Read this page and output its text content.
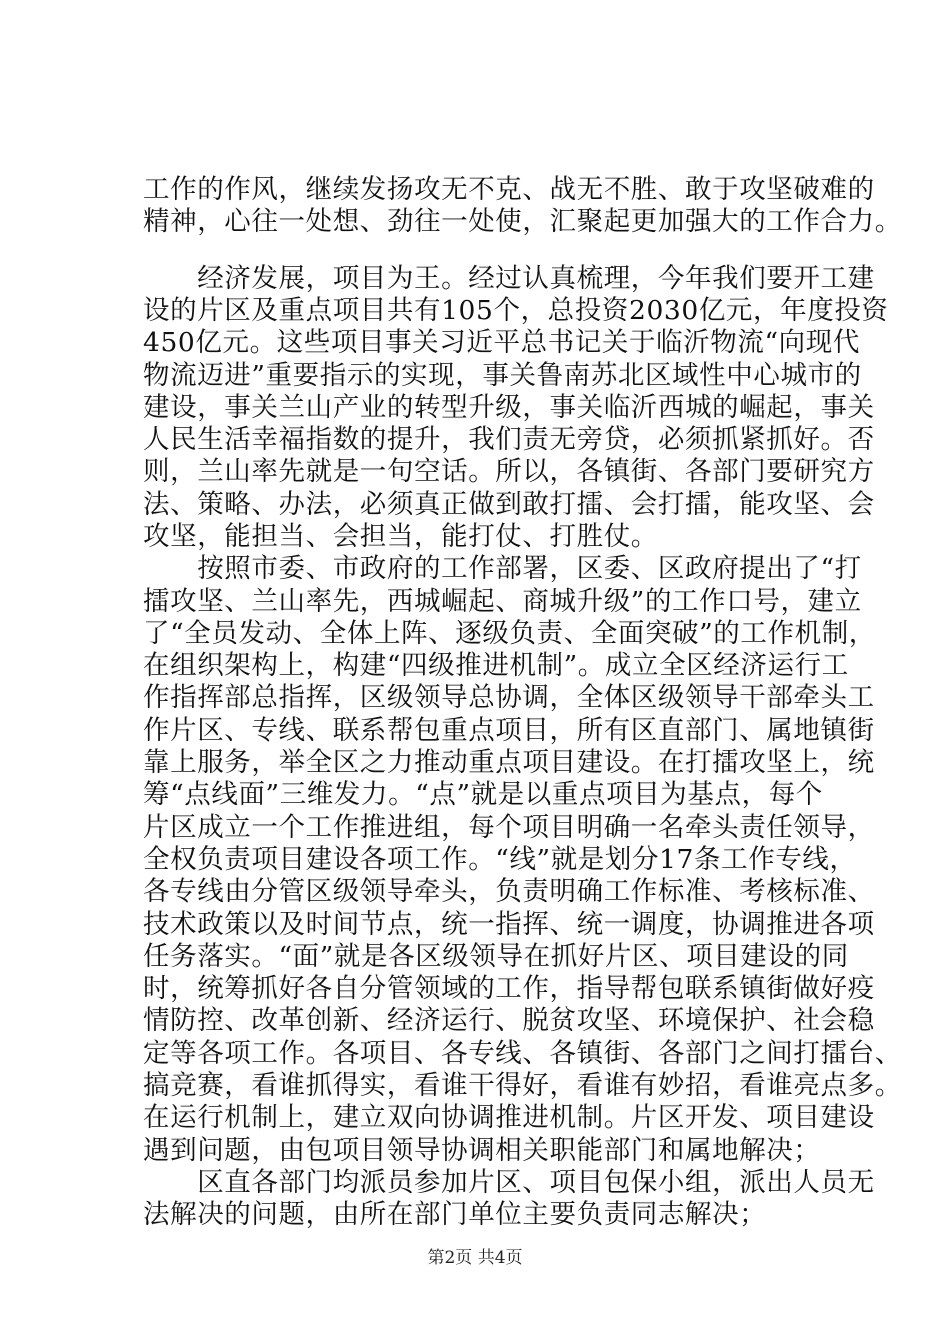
工作的作风，继续发扬攻无不克、战无不胜、敢于攻坚破难的
精神，心往一处想、劲往一处使，汇聚起更加强大的工作合力。
　　经济发展，项目为王。经过认真梳理，今年我们要开工建
设的片区及重点项目共有105个，总投资2030亿元，年度投资
450亿元。这些项目事关习近平总书记关于临沂物流“向现代
物流迈进”重要指示的实现，事关鲁南苏北区域性中心城市的
建设，事关兰山产业的转型升级，事关临沂西城的崛起，事关
人民生活幸福指数的提升，我们责无旁贷，必须抓紧抓好。否
则，兰山率先就是一句空话。所以，各镇街、各部门要研究方
法、策略、办法，必须真正做到敢打擂、会打擂，能攻坚、会
攻坚，能担当、会担当，能打仗、打胜仗。
　　按照市委、市政府的工作部署，区委、区政府提出了“打
擂攻坚、兰山率先，西城崛起、商城升级”的工作口号，建立
了“全员发动、全体上阵、逐级负责、全面突破”的工作机制，
在组织架构上，构建“四级推进机制”。成立全区经济运行工
作指挥部总指挥，区级领导总协调，全体区级领导干部牵头工
作片区、专线、联系帮包重点项目，所有区直部门、属地镇街
靠上服务，举全区之力推动重点项目建设。在打擂攻坚上，统
筹“点线面”三维发力。“点”就是以重点项目为基点，每个
片区成立一个工作推进组，每个项目明确一名牵头责任领导，
全权负责项目建设各项工作。“线”就是划分17条工作专线，
各专线由分管区级领导牵头，负责明确工作标准、考核标准、
技术政策以及时间节点，统一指挥、统一调度，协调推进各项
任务落实。“面”就是各区级领导在抓好片区、项目建设的同
时，统筹抓好各自分管领域的工作，指导帮包联系镇街做好疫
情防控、改革创新、经济运行、脱贫攻坚、环境保护、社会稳
定等各项工作。各项目、各专线、各镇街、各部门之间打擂台、
搞竞赛，看谁抓得实，看谁干得好，看谁有妙招，看谁亮点多。
在运行机制上，建立双向协调推进机制。片区开发、项目建设
遇到问题，由包项目领导协调相关职能部门和属地解决；
　　区直各部门均派员参加片区、项目包保小组，派出人员无
法解决的问题，由所在部门单位主要负责同志解决；
第2页 共4页
